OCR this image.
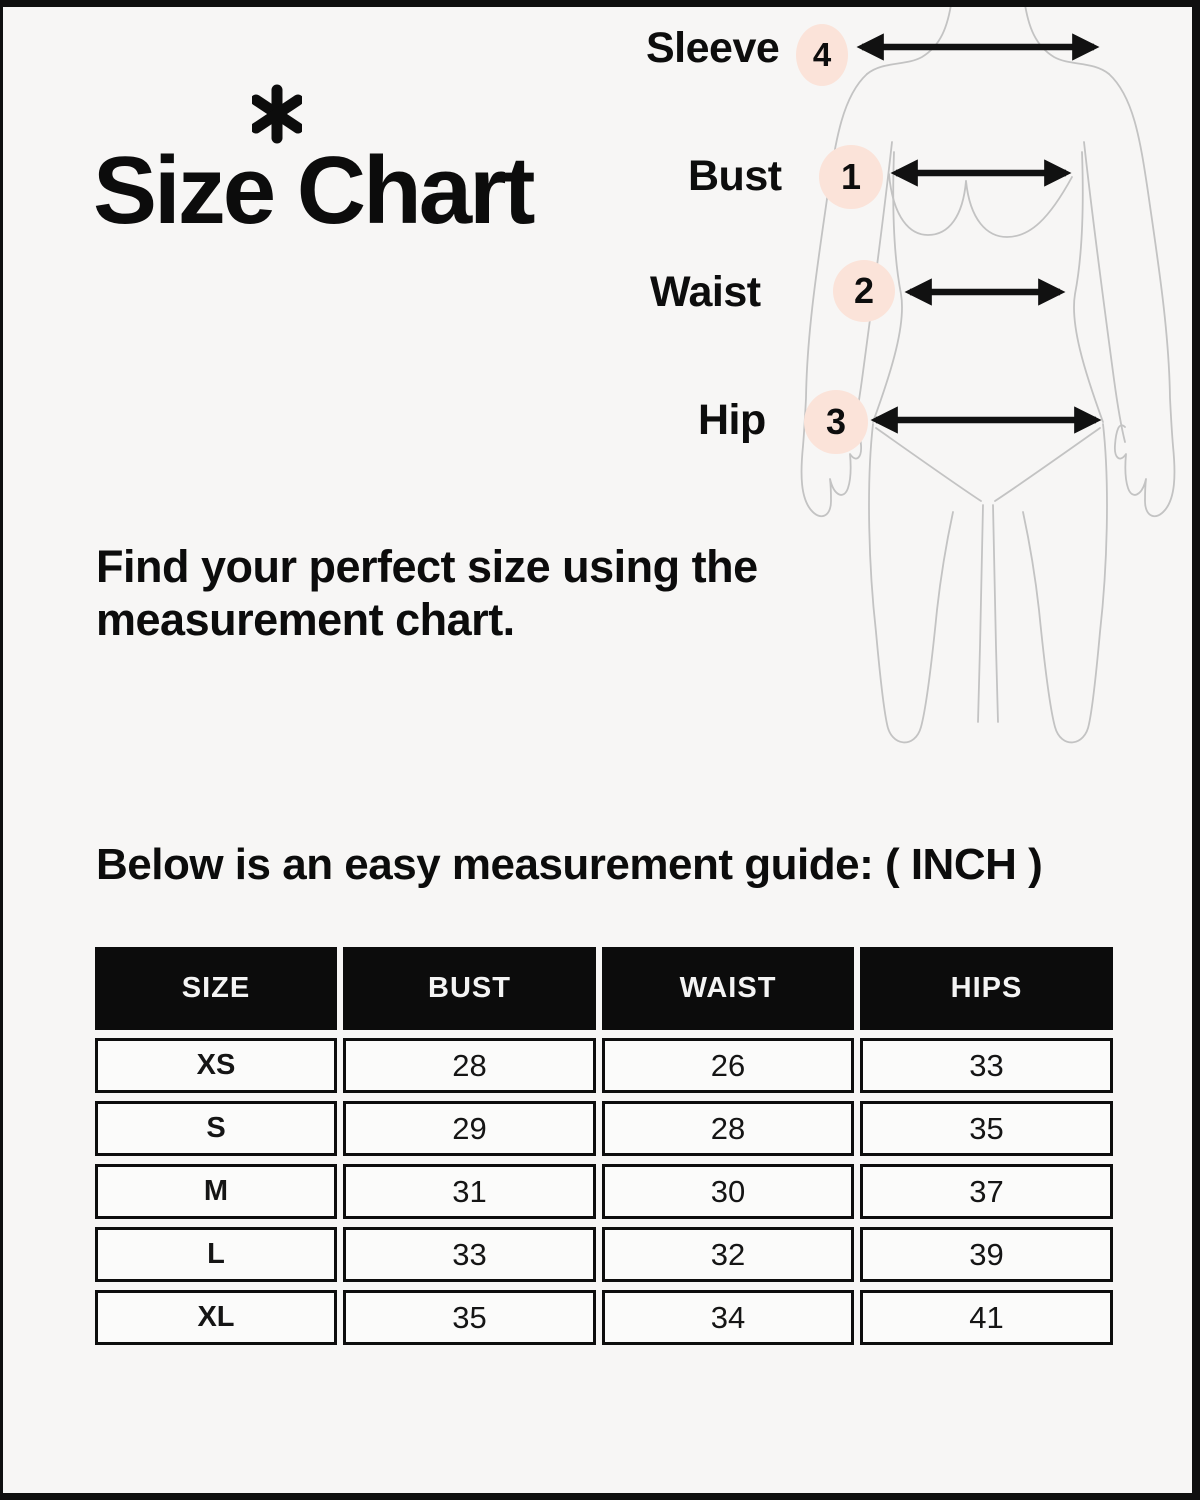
Size Chart
Sleeve
Bust
Waist
Hip
4
1
2
3

Find your perfect size using the
measurement chart.

Below is an easy measurement guide: ( INCH )
SIZE	BUST	WAIST	HIPS
XS	28	26	33
S	29	28	35
M	31	30	37
L	33	32	39
XL	35	34	41
